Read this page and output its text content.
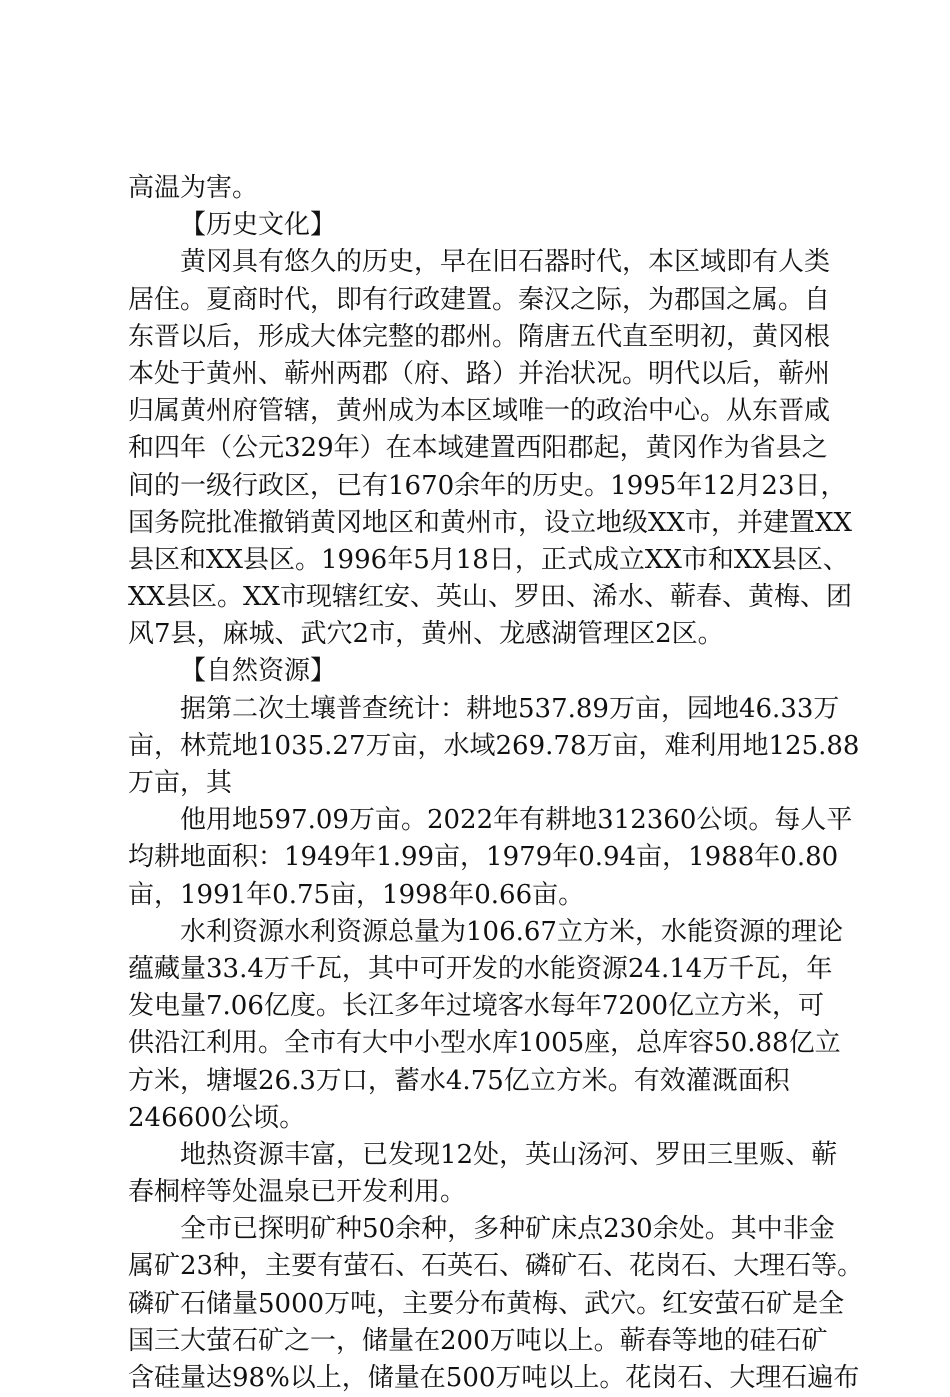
高温为害。
【历史文化】
黄冈具有悠久的历史，早在旧石器时代，本区域即有人类
居住。夏商时代，即有行政建置。秦汉之际，为郡国之属。自
东晋以后，形成大体完整的郡州。隋唐五代直至明初，黄冈根
本处于黄州、蕲州两郡（府、路）并治状况。明代以后，蕲州
归属黄州府管辖，黄州成为本区域唯一的政治中心。从东晋咸
和四年（公元329年）在本域建置西阳郡起，黄冈作为省县之
间的一级行政区，已有1670余年的历史。1995年12月23日，
国务院批准撤销黄冈地区和黄州市，设立地级XX市，并建置XX
县区和XX县区。1996年5月18日，正式成立XX市和XX县区、
XX县区。XX市现辖红安、英山、罗田、浠水、蕲春、黄梅、团
风7县，麻城、武穴2市，黄州、龙感湖管理区2区。
【自然资源】
据第二次土壤普查统计：耕地537.89万亩，园地46.33万
亩，林荒地1035.27万亩，水域269.78万亩，难利用地125.88
万亩，其
他用地597.09万亩。2022年有耕地312360公顷。每人平
均耕地面积：1949年1.99亩，1979年0.94亩，1988年0.80
亩，1991年0.75亩，1998年0.66亩。
水利资源水利资源总量为106.67立方米，水能资源的理论
蕴藏量33.4万千瓦，其中可开发的水能资源24.14万千瓦，年
发电量7.06亿度。长江多年过境客水每年7200亿立方米，可
供沿江利用。全市有大中小型水库1005座，总库容50.88亿立
方米，塘堰26.3万口，蓄水4.75亿立方米。有效灌溉面积
246600公顷。
地热资源丰富，已发现12处，英山汤河、罗田三里贩、蕲
春桐梓等处温泉已开发利用。
全市已探明矿种50余种，多种矿床点230余处。其中非金
属矿23种，主要有萤石、石英石、磷矿石、花岗石、大理石等。
磷矿石储量5000万吨，主要分布黄梅、武穴。红安萤石矿是全
国三大萤石矿之一，储量在200万吨以上。蕲春等地的硅石矿
含硅量达98%以上，储量在500万吨以上。花岗石、大理石遍布
